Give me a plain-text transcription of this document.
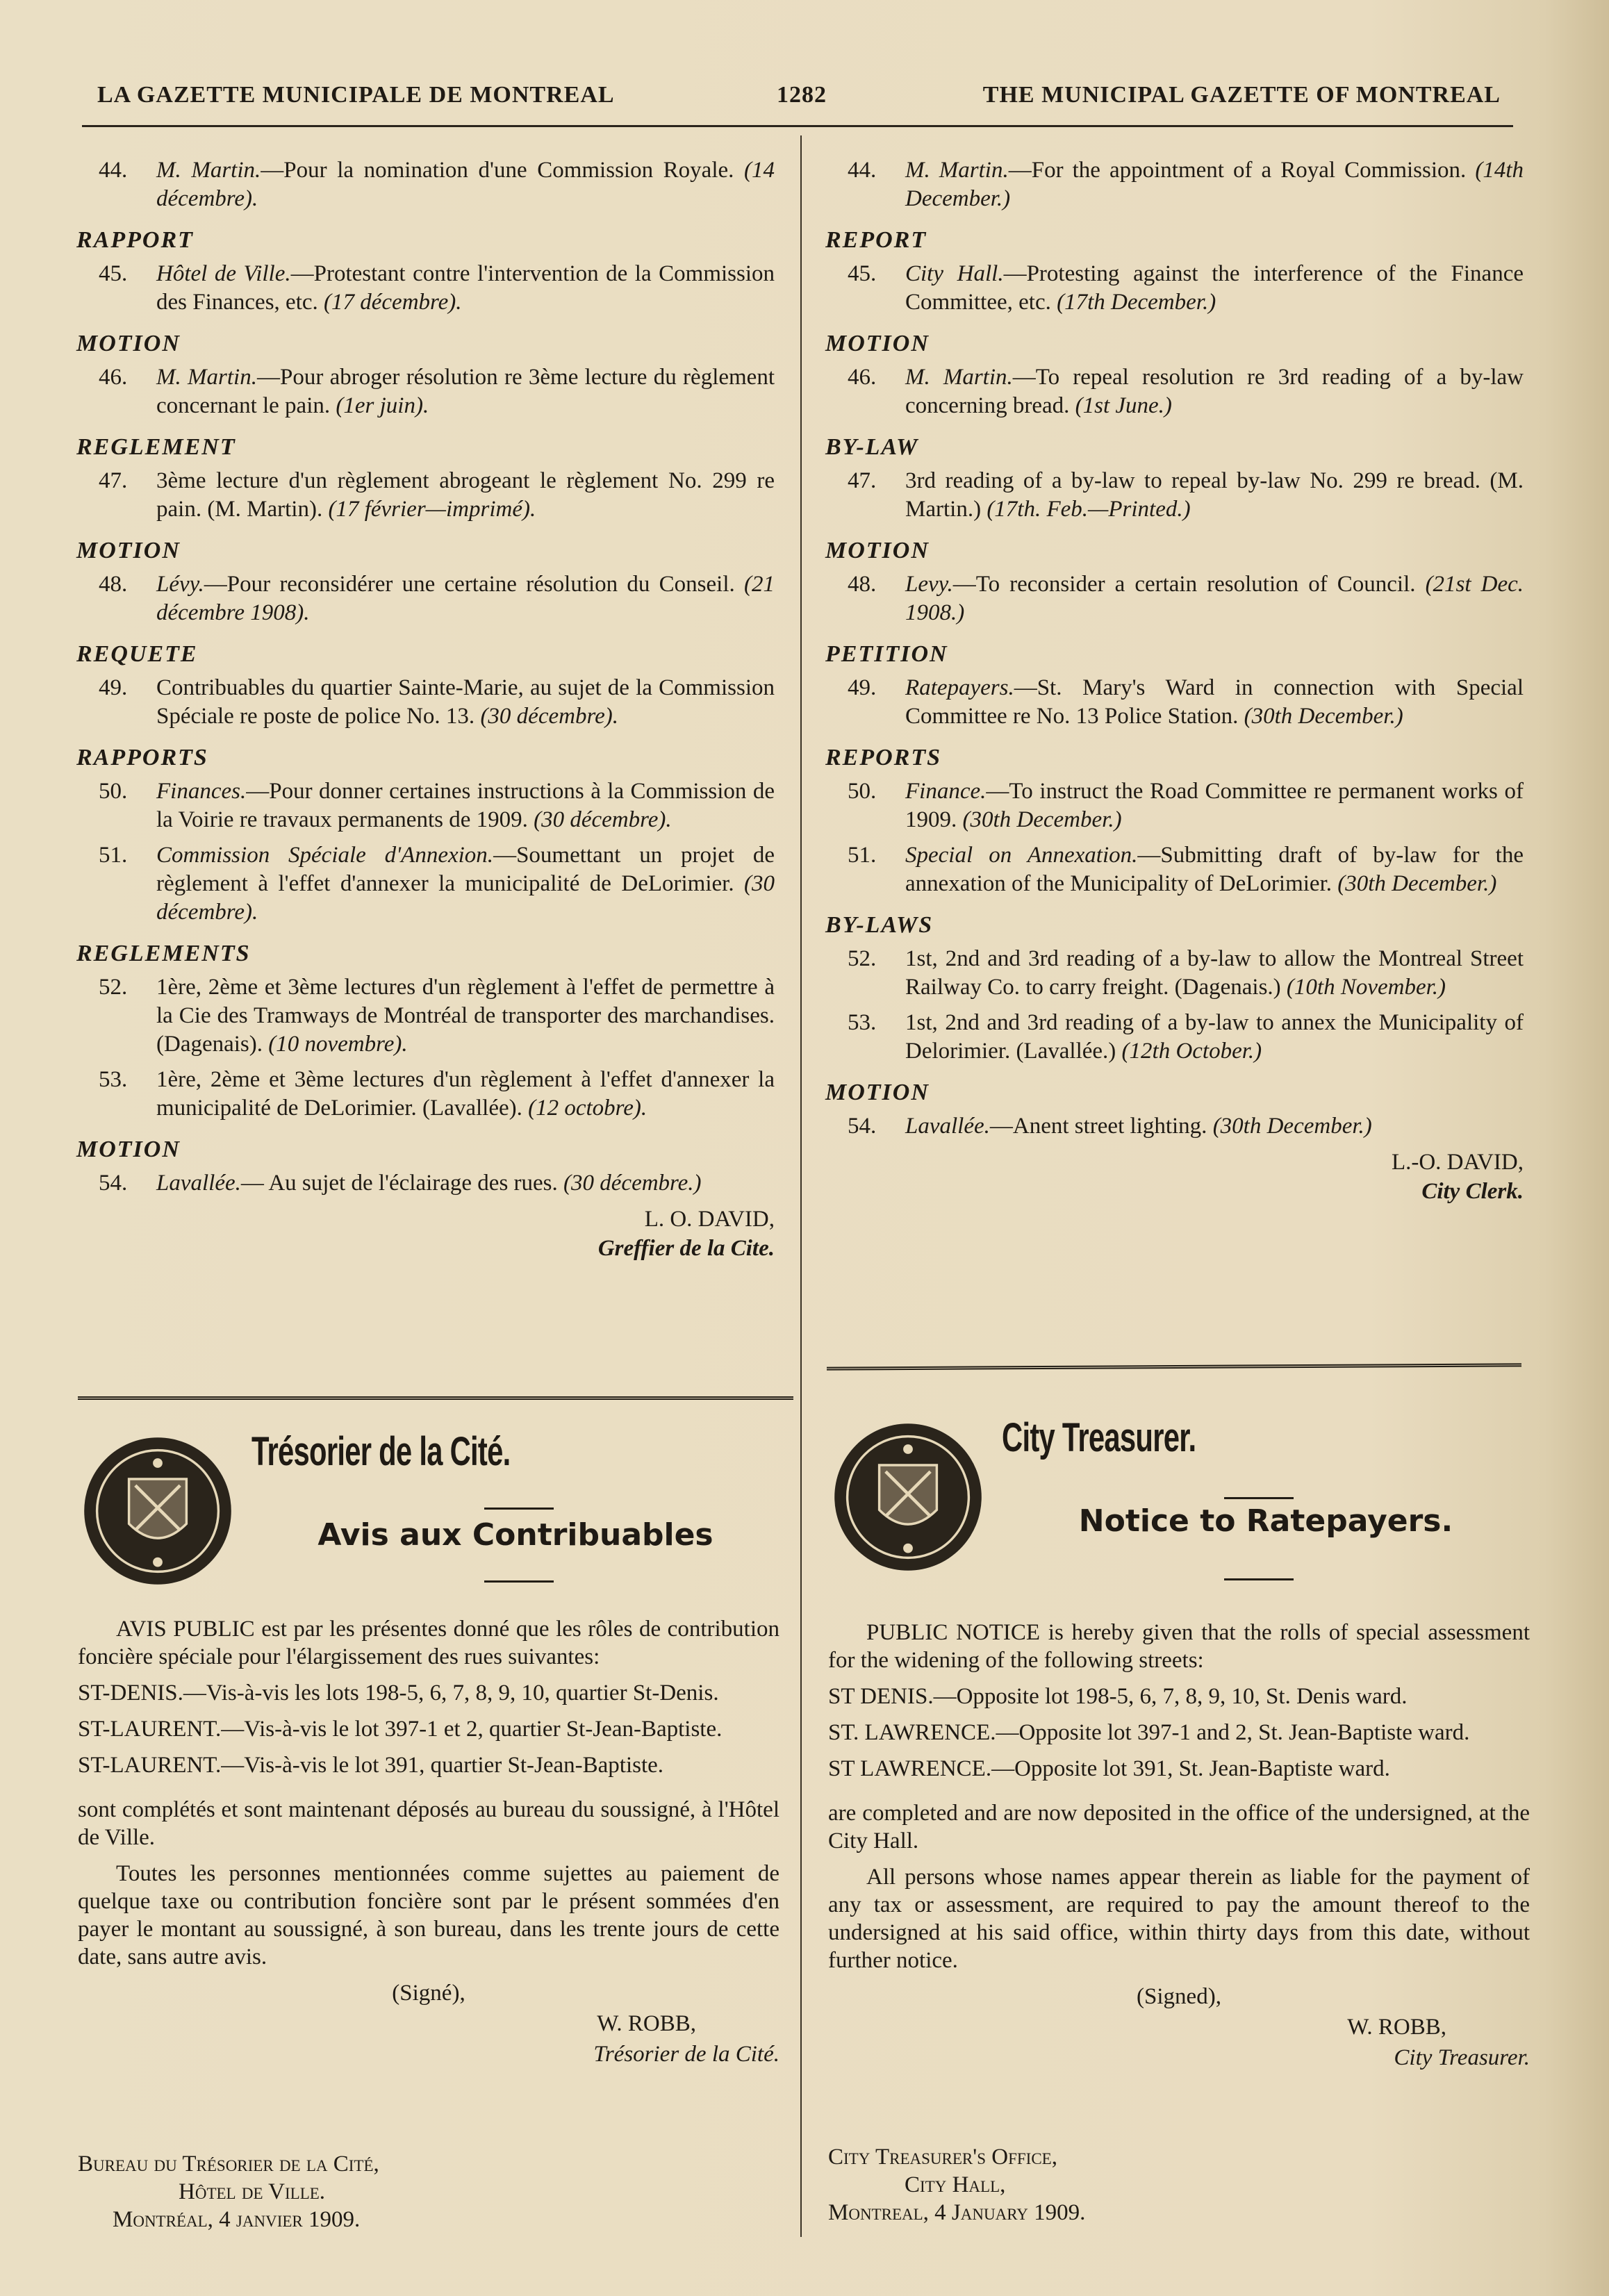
LA GAZETTE MUNICIPALE DE MONTREAL	1282	THE MUNICIPAL GAZETTE OF MONTREAL
44. M. Martin.—Pour la nomination d'une Commission Royale. (14 décembre).
RAPPORT
45. Hôtel de Ville.—Protestant contre l'intervention de la Commission des Finances, etc. (17 décembre).
MOTION
46. M. Martin.—Pour abroger résolution re 3ème lecture du règlement concernant le pain. (1er juin).
REGLEMENT
47. 3ème lecture d'un règlement abrogeant le règlement No. 299 re pain. (M. Martin). (17 février—imprimé).
MOTION
48. Lévy.—Pour reconsidérer une certaine résolution du Conseil. (21 décembre 1908).
REQUETE
49. Contribuables du quartier Sainte-Marie, au sujet de la Commission Spéciale re poste de police No. 13. (30 décembre).
RAPPORTS
50. Finances.—Pour donner certaines instructions à la Commission de la Voirie re travaux permanents de 1909. (30 décembre).
51. Commission Spéciale d'Annexion.—Soumettant un projet de règlement à l'effet d'annexer la municipalité de DeLorimier. (30 décembre).
REGLEMENTS
52. 1ère, 2ème et 3ème lectures d'un règlement à l'effet de permettre à la Cie des Tramways de Montréal de transporter des marchandises. (Dagenais). (10 novembre).
53. 1ère, 2ème et 3ème lectures d'un règlement à l'effet d'annexer la municipalité de DeLorimier. (Lavallée). (12 octobre).
MOTION
54. Lavallée.— Au sujet de l'éclairage des rues. (30 décembre.)
L. O. DAVID,
Greffier de la Cite.
44. M. Martin.—For the appointment of a Royal Commission. (14th December.)
REPORT
45. City Hall.—Protesting against the interference of the Finance Committee, etc. (17th December.)
MOTION
46. M. Martin.—To repeal resolution re 3rd reading of a by-law concerning bread. (1st June.)
BY-LAW
47. 3rd reading of a by-law to repeal by-law No. 299 re bread. (M. Martin.) (17th. Feb.—Printed.)
MOTION
48. Levy.—To reconsider a certain resolution of Council. (21st Dec. 1908.)
PETITION
49. Ratepayers.—St. Mary's Ward in connection with Special Committee re No. 13 Police Station. (30th December.)
REPORTS
50. Finance.—To instruct the Road Committee re permanent works of 1909. (30th December.)
51. Special on Annexation.—Submitting draft of by-law for the annexation of the Municipality of DeLorimier. (30th December.)
BY-LAWS
52. 1st, 2nd and 3rd reading of a by-law to allow the Montreal Street Railway Co. to carry freight. (Dagenais.) (10th November.)
53. 1st, 2nd and 3rd reading of a by-law to annex the Municipality of Delorimier. (Lavallée.) (12th October.)
MOTION
54. Lavallée.—Anent street lighting. (30th December.)
L.-O. DAVID,
City Clerk.
Trésorier de la Cité.
Avis aux Contribuables

AVIS PUBLIC est par les présentes donné que les rôles de contribution foncière spéciale pour l'élargissement des rues suivantes:

ST-DENIS.—Vis-à-vis les lots 198-5, 6, 7, 8, 9, 10, quartier St-Denis.

ST-LAURENT.—Vis-à-vis le lot 397-1 et 2, quartier St-Jean-Baptiste.

ST-LAURENT.—Vis-à-vis le lot 391, quartier St-Jean-Baptiste.

sont complétés et sont maintenant déposés au bureau du soussigné, à l'Hôtel de Ville.

Toutes les personnes mentionnées comme sujettes au paiement de quelque taxe ou contribution foncière sont par le présent sommées d'en payer le montant au soussigné, à son bureau, dans les trente jours de cette date, sans autre avis.

(Signé),
W. ROBB,
Trésorier de la Cité.
Bureau du Trésorier de la Cité,
Hôtel de Ville.
Montréal, 4 janvier 1909.
City Treasurer.
Notice to Ratepayers.

PUBLIC NOTICE is hereby given that the rolls of special assessment for the widening of the following streets:

ST DENIS.—Opposite lot 198-5, 6, 7, 8, 9, 10, St. Denis ward.

ST. LAWRENCE.—Opposite lot 397-1 and 2, St. Jean-Baptiste ward.

ST LAWRENCE.—Opposite lot 391, St. Jean-Baptiste ward.

are completed and are now deposited in the office of the undersigned, at the City Hall.

All persons whose names appear therein as liable for the payment of any tax or assessment, are required to pay the amount thereof to the undersigned at his said office, within thirty days from this date, without further notice.

(Signed),
W. ROBB,
City Treasurer.
City Treasurer's Office,
City Hall,
Montreal, 4 January 1909.
